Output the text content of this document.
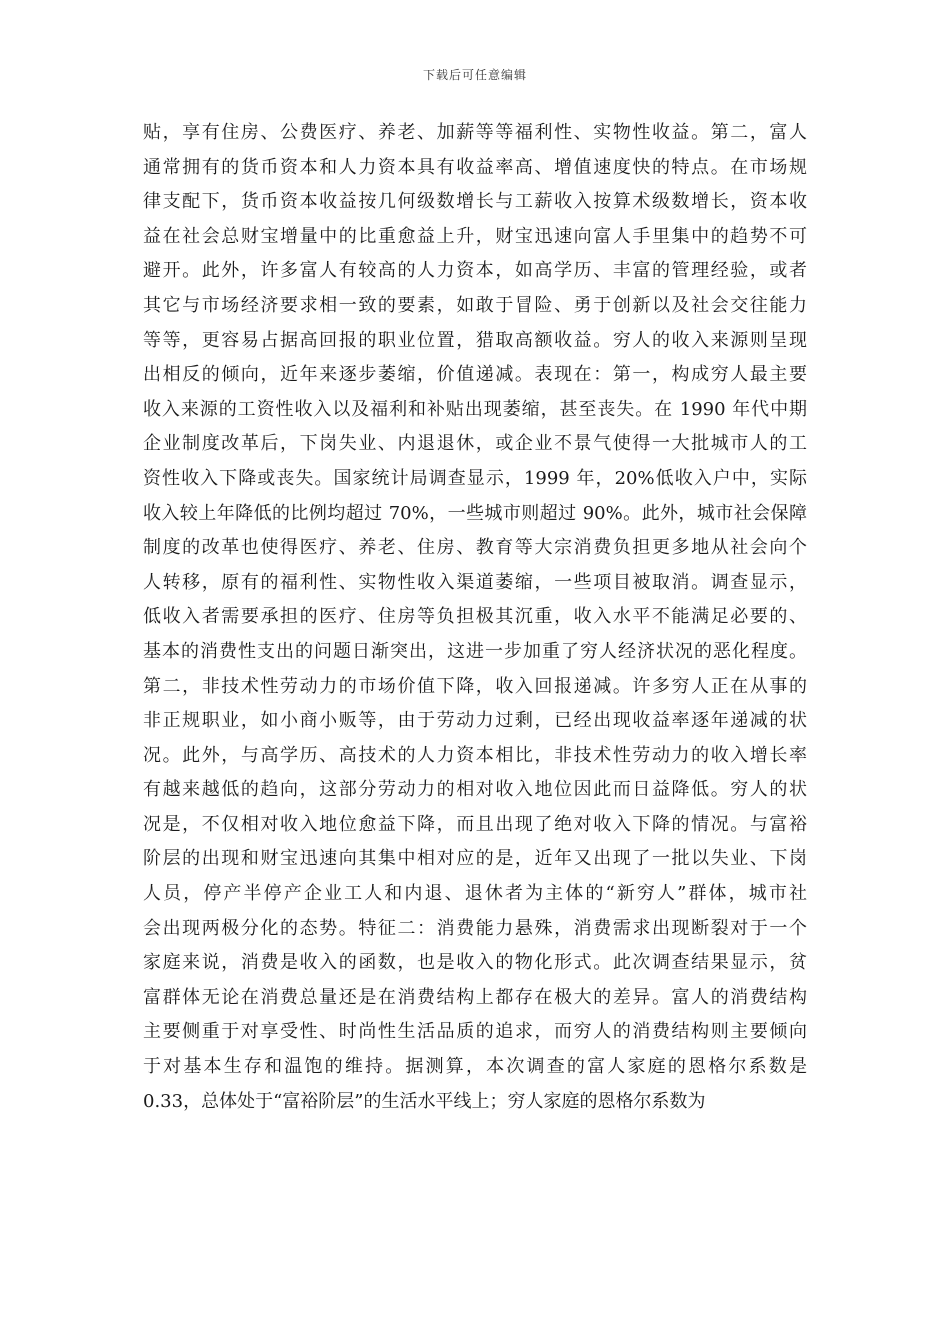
下载后可任意编辑
贴，享有住房、公费医疗、养老、加薪等等福利性、实物性收益。第二，富人
通常拥有的货币资本和人力资本具有收益率高、增值速度快的特点。在市场规
律支配下，货币资本收益按几何级数增长与工薪收入按算术级数增长，资本收
益在社会总财宝增量中的比重愈益上升，财宝迅速向富人手里集中的趋势不可
避开。此外，许多富人有较高的人力资本，如高学历、丰富的管理经验，或者
其它与市场经济要求相一致的要素，如敢于冒险、勇于创新以及社会交往能力
等等，更容易占据高回报的职业位置，猎取高额收益。穷人的收入来源则呈现
出相反的倾向，近年来逐步萎缩，价值递减。表现在：第一，构成穷人最主要
收入来源的工资性收入以及福利和补贴出现萎缩，甚至丧失。在 1990 年代中期
企业制度改革后，下岗失业、内退退休，或企业不景气使得一大批城市人的工
资性收入下降或丧失。国家统计局调查显示，1999 年，20%低收入户中，实际
收入较上年降低的比例均超过 70%，一些城市则超过 90%。此外，城市社会保障
制度的改革也使得医疗、养老、住房、教育等大宗消费负担更多地从社会向个
人转移，原有的福利性、实物性收入渠道萎缩，一些项目被取消。调查显示，
低收入者需要承担的医疗、住房等负担极其沉重，收入水平不能满足必要的、
基本的消费性支出的问题日渐突出，这进一步加重了穷人经济状况的恶化程度。
第二，非技术性劳动力的市场价值下降，收入回报递减。许多穷人正在从事的
非正规职业，如小商小贩等，由于劳动力过剩，已经出现收益率逐年递减的状
况。此外，与高学历、高技术的人力资本相比，非技术性劳动力的收入增长率
有越来越低的趋向，这部分劳动力的相对收入地位因此而日益降低。穷人的状
况是，不仅相对收入地位愈益下降，而且出现了绝对收入下降的情况。与富裕
阶层的出现和财宝迅速向其集中相对应的是，近年又出现了一批以失业、下岗
人员，停产半停产企业工人和内退、退休者为主体的“新穷人”群体，城市社
会出现两极分化的态势。特征二：消费能力悬殊，消费需求出现断裂对于一个
家庭来说，消费是收入的函数，也是收入的物化形式。此次调查结果显示，贫
富群体无论在消费总量还是在消费结构上都存在极大的差异。富人的消费结构
主要侧重于对享受性、时尚性生活品质的追求，而穷人的消费结构则主要倾向
于对基本生存和温饱的维持。据测算，本次调查的富人家庭的恩格尔系数是
0.33，总体处于“富裕阶层”的生活水平线上；穷人家庭的恩格尔系数为
